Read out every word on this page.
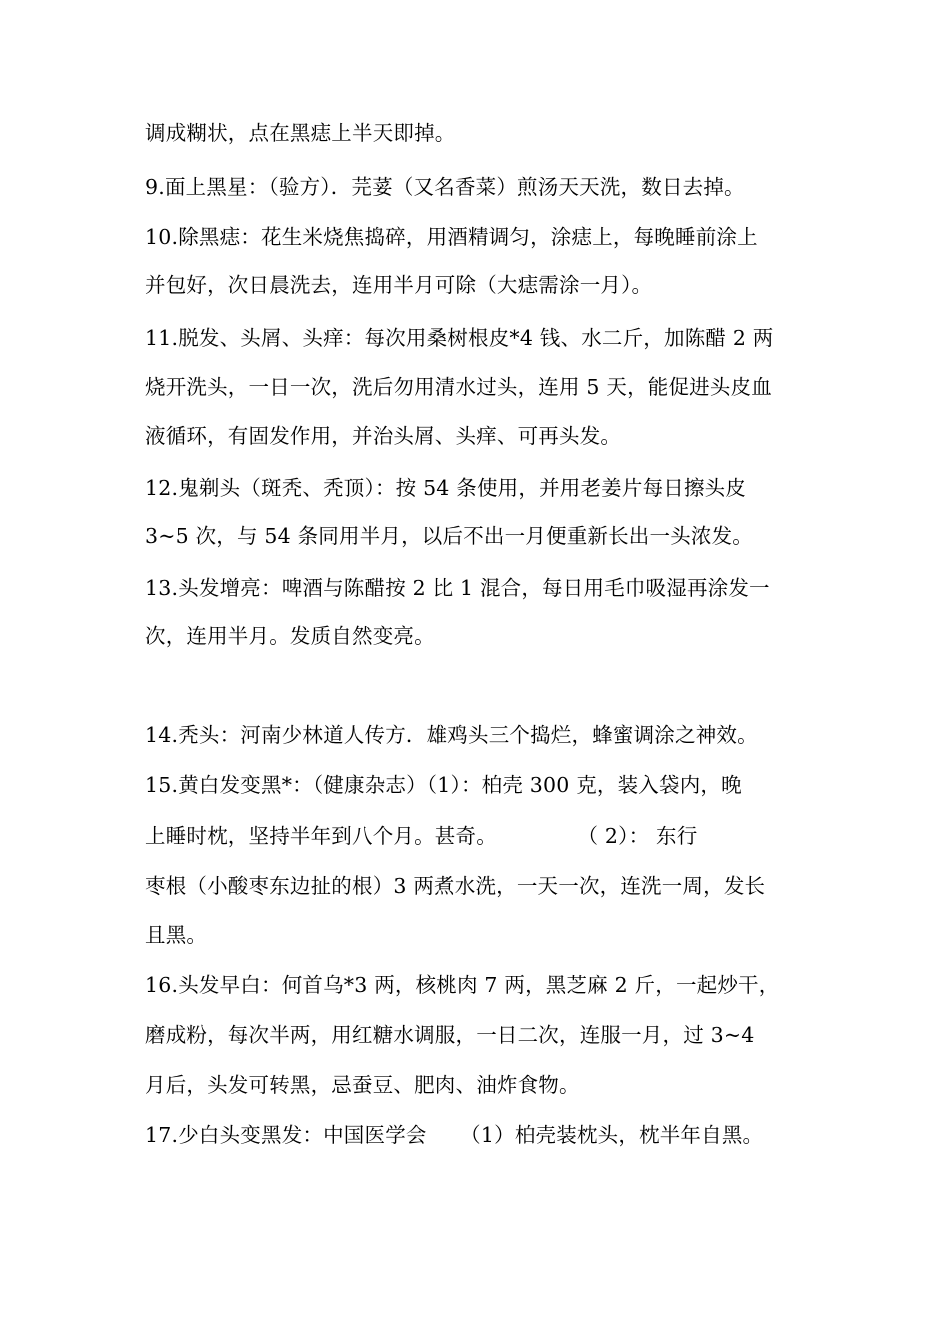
调成糊状，点在黑痣上半天即掉。
9.面上黑星：（验方）．芫荽（又名香菜）煎汤天天洗，数日去掉。
10.除黑痣：花生米烧焦捣碎，用酒精调匀，涂痣上，每晚睡前涂上
并包好，次日晨洗去，连用半月可除（大痣需涂一月）。
11.脱发、头屑、头痒：每次用桑树根皮*4 钱、水二斤，加陈醋 2 两
烧开洗头，一日一次，洗后勿用清水过头，连用 5 天，能促进头皮血
液循环，有固发作用，并治头屑、头痒、可再头发。
12.鬼剃头（斑秃、秃顶）：按 54 条使用，并用老姜片每日擦头皮
3~5 次，与 54 条同用半月，以后不出一月便重新长出一头浓发。
13.头发增亮：啤酒与陈醋按 2 比 1 混合，每日用毛巾吸湿再涂发一
次，连用半月。发质自然变亮。
14.秃头：河南少林道人传方．雄鸡头三个捣烂，蜂蜜调涂之神效。
15.黄白发变黑*：（健康杂志）（1）：柏壳 300 克，装入袋内，晚
上睡时枕，坚持半年到八个月。甚奇。            （ 2）： 东行
枣根（小酸枣东边扯的根）3 两煮水洗，一天一次，连洗一周，发长
且黑。
16.头发早白：何首乌*3 两，核桃肉 7 两，黑芝麻 2 斤，一起炒干，
磨成粉，每次半两，用红糖水调服，一日二次，连服一月，过 3~4
月后，头发可转黑，忌蚕豆、肥肉、油炸食物。
17.少白头变黑发：中国医学会     （1）柏壳装枕头，枕半年自黑。
